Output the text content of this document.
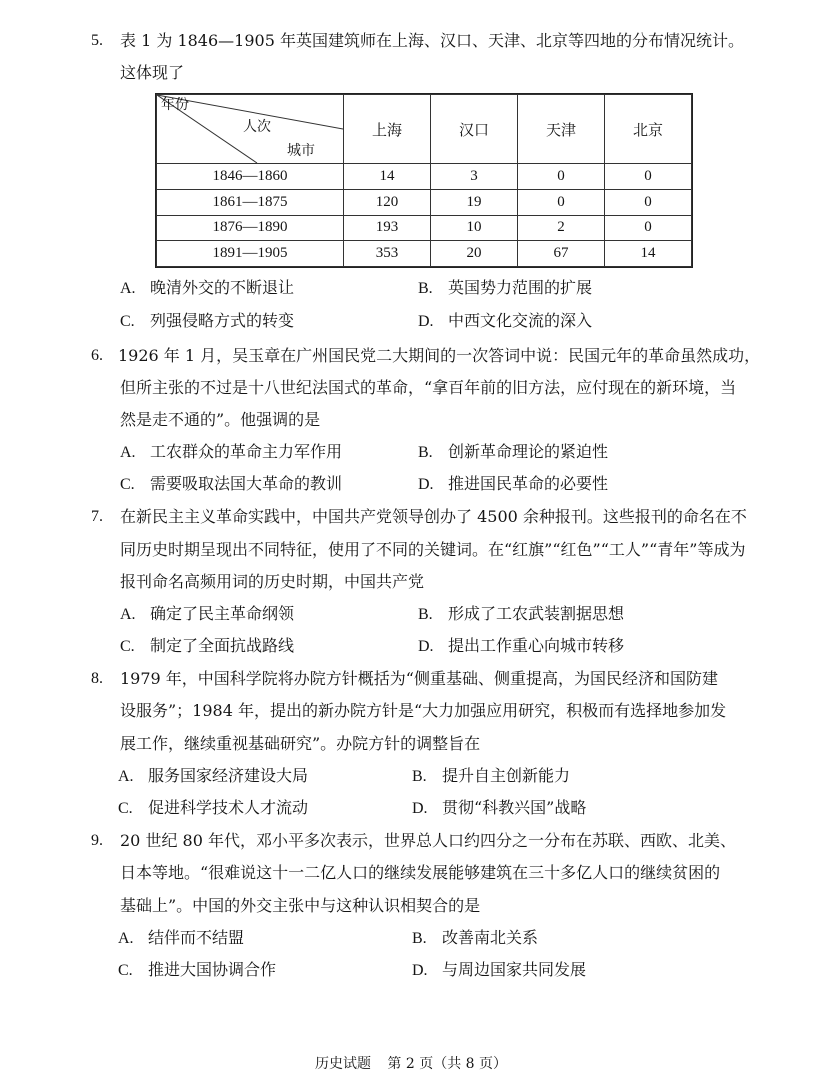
5. 表 1 为 1846—1905 年英国建筑师在上海、汉口、天津、北京等四地的分布情况统计。
这体现了
年份
人次
城市	上海	汉口	天津	北京
1846—1860	14	3	0	0
1861—1875	120	19	0	0
1876—1890	193	10	2	0
1891—1905	353	20	67	14
A. 晚清外交的不断退让	B. 英国势力范围的扩展
C. 列强侵略方式的转变	D. 中西文化交流的深入
6. 1926 年 1 月，吴玉章在广州国民党二大期间的一次答词中说：民国元年的革命虽然成功，
但所主张的不过是十八世纪法国式的革命，“拿百年前的旧方法，应付现在的新环境，当
然是走不通的”。他强调的是
A. 工农群众的革命主力军作用	B. 创新革命理论的紧迫性
C. 需要吸取法国大革命的教训	D. 推进国民革命的必要性
7. 在新民主主义革命实践中，中国共产党领导创办了 4500 余种报刊。这些报刊的命名在不
同历史时期呈现出不同特征，使用了不同的关键词。在“红旗”“红色”“工人”“青年”等成为
报刊命名高频用词的历史时期，中国共产党
A. 确定了民主革命纲领	B. 形成了工农武装割据思想
C. 制定了全面抗战路线	D. 提出工作重心向城市转移
8. 1979 年，中国科学院将办院方针概括为“侧重基础、侧重提高，为国民经济和国防建
设服务”；1984 年，提出的新办院方针是“大力加强应用研究，积极而有选择地参加发
展工作，继续重视基础研究”。办院方针的调整旨在
A. 服务国家经济建设大局	B. 提升自主创新能力
C. 促进科学技术人才流动	D. 贯彻“科教兴国”战略
9. 20 世纪 80 年代，邓小平多次表示，世界总人口约四分之一分布在苏联、西欧、北美、
日本等地。“很难说这十一二亿人口的继续发展能够建筑在三十多亿人口的继续贫困的
基础上”。中国的外交主张中与这种认识相契合的是
A. 结伴而不结盟	B. 改善南北关系
C. 推进大国协调合作	D. 与周边国家共同发展
历史试题 第 2 页（共 8 页）
